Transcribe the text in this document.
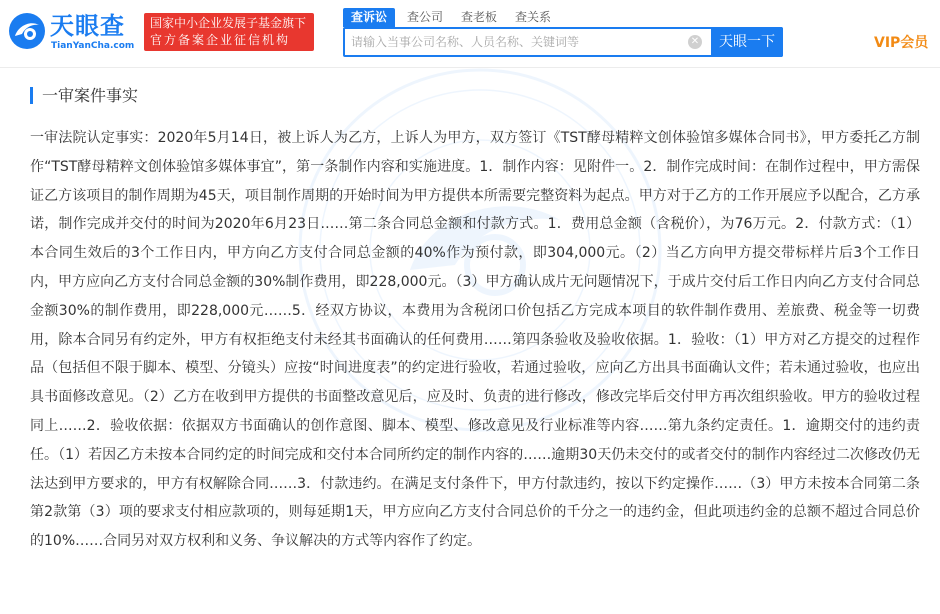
天眼查
TianYanCha.com
国家中小企业发展子基金旗下
官方备案企业征信机构
查诉讼	查公司	查老板	查关系
请输入当事公司名称、人员名称、关键词等
✕	天眼一下	VIP会员
一审案件事实
一审法院认定事实：2020年5月14日，被上诉人为乙方，上诉人为甲方，双方签订《TST酵母精粹文创体验馆多媒体合同书》，甲方委托乙方制作“TST酵母精粹文创体验馆多媒体事宜”，第一条制作内容和实施进度。1．制作内容：见附件一。2．制作完成时间：在制作过程中，甲方需保证乙方该项目的制作周期为45天，项目制作周期的开始时间为甲方提供本所需要完整资料为起点。甲方对于乙方的工作开展应予以配合，乙方承诺，制作完成并交付的时间为2020年6月23日……第二条合同总金额和付款方式。1．费用总金额（含税价），为76万元。2．付款方式：（1）本合同生效后的3个工作日内，甲方向乙方支付合同总金额的40%作为预付款，即304,000元。（2）当乙方向甲方提交带标样片后3个工作日内，甲方应向乙方支付合同总金额的30%制作费用，即228,000元。（3）甲方确认成片无问题情况下，于成片交付后工作日内向乙方支付合同总金额30%的制作费用，即228,000元……5．经双方协议，本费用为含税闭口价包括乙方完成本项目的软件制作费用、差旅费、税金等一切费用，除本合同另有约定外，甲方有权拒绝支付未经其书面确认的任何费用……第四条验收及验收依据。1．验收：（1）甲方对乙方提交的过程作品（包括但不限于脚本、模型、分镜头）应按“时间进度表”的约定进行验收，若通过验收，应向乙方出具书面确认文件；若未通过验收，也应出具书面修改意见。（2）乙方在收到甲方提供的书面整改意见后，应及时、负责的进行修改，修改完毕后交付甲方再次组织验收。甲方的验收过程同上……2．验收依据：依据双方书面确认的创作意图、脚本、模型、修改意见及行业标准等内容……第九条约定责任。1．逾期交付的违约责任。（1）若因乙方未按本合同约定的时间完成和交付本合同所约定的制作内容的……逾期30天仍未交付的或者交付的制作内容经过二次修改仍无法达到甲方要求的，甲方有权解除合同……3．付款违约。在满足支付条件下，甲方付款违约，按以下约定操作……（3）甲方未按本合同第二条第2款第（3）项的要求支付相应款项的，则每延期1天，甲方应向乙方支付合同总价的千分之一的违约金，但此项违约金的总额不超过合同总价的10%……合同另对双方权利和义务、争议解决的方式等内容作了约定。
